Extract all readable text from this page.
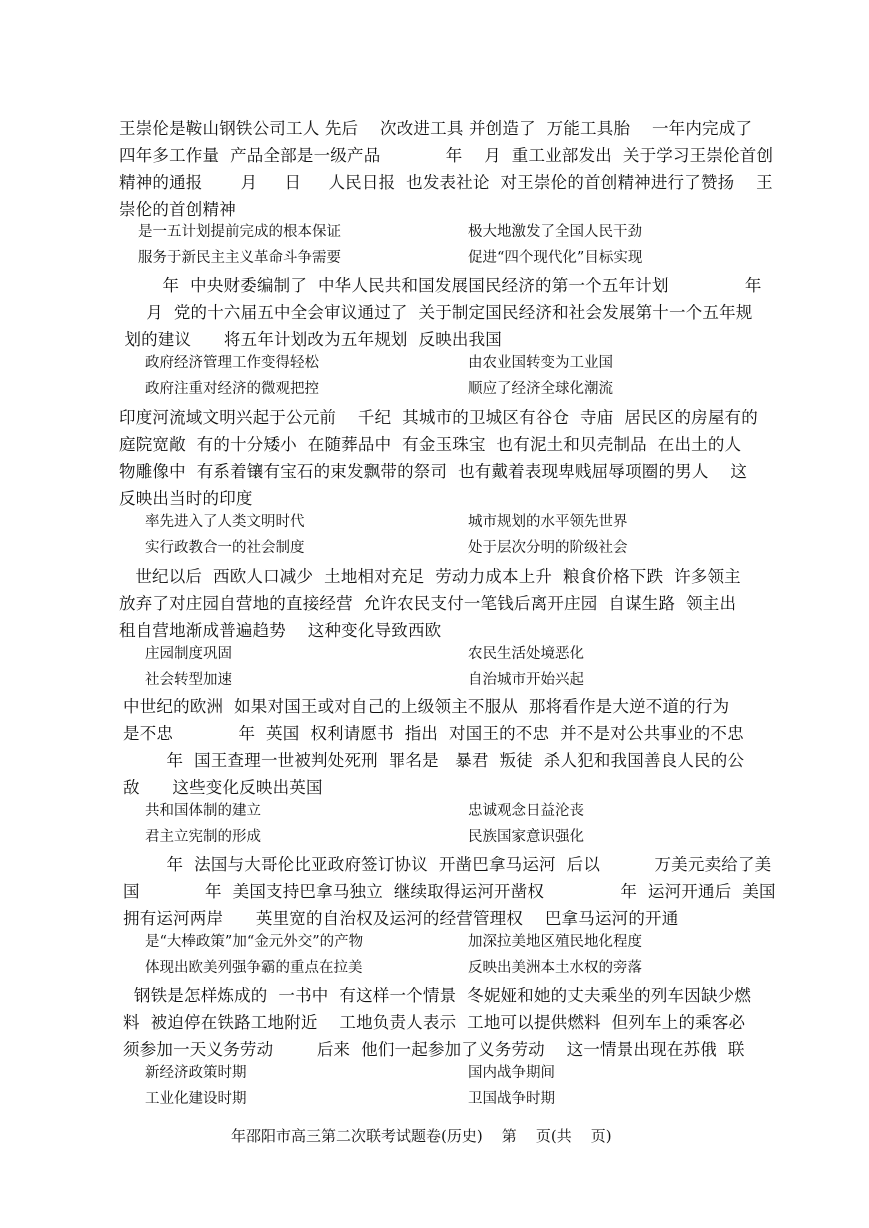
王崇伦是鞍山钢铁公司工人 先后    次改进工具 并创造了  万能工具胎    一年内完成了
四年多工作量  产品全部是一级产品            年    月  重工业部发出  关于学习王崇伦首创
精神的通报       月     日     人民日报  也发表社论  对王崇伦的首创精神进行了赞扬    王
崇伦的首创精神
是一五计划提前完成的根本保证	极大地激发了全国人民干劲
服务于新民主主义革命斗争需要	促进“四个现代化”目标实现
年  中央财委编制了  中华人民共和国发展国民经济的第一个五年计划              年
月  党的十六届五中全会审议通过了  关于制定国民经济和社会发展第十一个五年规
划的建议      将五年计划改为五年规划  反映出我国
政府经济管理工作变得轻松	由农业国转变为工业国
政府注重对经济的微观把控	顺应了经济全球化潮流
印度河流域文明兴起于公元前    千纪  其城市的卫城区有谷仓  寺庙  居民区的房屋有的
庭院宽敞  有的十分矮小  在随葬品中  有金玉珠宝  也有泥土和贝壳制品  在出土的人
物雕像中  有系着镶有宝石的束发飘带的祭司  也有戴着表现卑贱屈辱项圈的男人    这
反映出当时的印度
率先进入了人类文明时代	城市规划的水平领先世界
实行政教合一的社会制度	处于层次分明的阶级社会
世纪以后  西欧人口减少  土地相对充足  劳动力成本上升  粮食价格下跌  许多领主
放弃了对庄园自营地的直接经营  允许农民支付一笔钱后离开庄园  自谋生路  领主出
租自营地渐成普遍趋势    这种变化导致西欧
庄园制度巩固	农民生活处境恶化
社会转型加速	自治城市开始兴起
中世纪的欧洲  如果对国王或对自己的上级领主不服从  那将看作是大逆不道的行为
是不忠            年  英国  权利请愿书  指出  对国王的不忠  并不是对公共事业的不忠
年  国王查理一世被判处死刑  罪名是   暴君  叛徒  杀人犯和我国善良人民的公
敌      这些变化反映出英国
共和国体制的建立	忠诚观念日益沦丧
君主立宪制的形成	民族国家意识强化
年  法国与大哥伦比亚政府签订协议  开凿巴拿马运河  后以          万美元卖给了美
国            年  美国支持巴拿马独立  继续取得运河开凿权              年  运河开通后  美国
拥有运河两岸      英里宽的自治权及运河的经营管理权    巴拿马运河的开通
是“大棒政策”加“金元外交”的产物	加深拉美地区殖民地化程度
体现出欧美列强争霸的重点在拉美	反映出美洲本土水权的旁落
钢铁是怎样炼成的  一书中  有这样一个情景  冬妮娅和她的丈夫乘坐的列车因缺少燃
料  被迫停在铁路工地附近    工地负责人表示  工地可以提供燃料  但列车上的乘客必
须参加一天义务劳动        后来  他们一起参加了义务劳动    这一情景出现在苏俄  联
新经济政策时期	国内战争期间
工业化建设时期	卫国战争时期
年邵阳市高三第二次联考试题卷(历史)    第    页(共    页)
